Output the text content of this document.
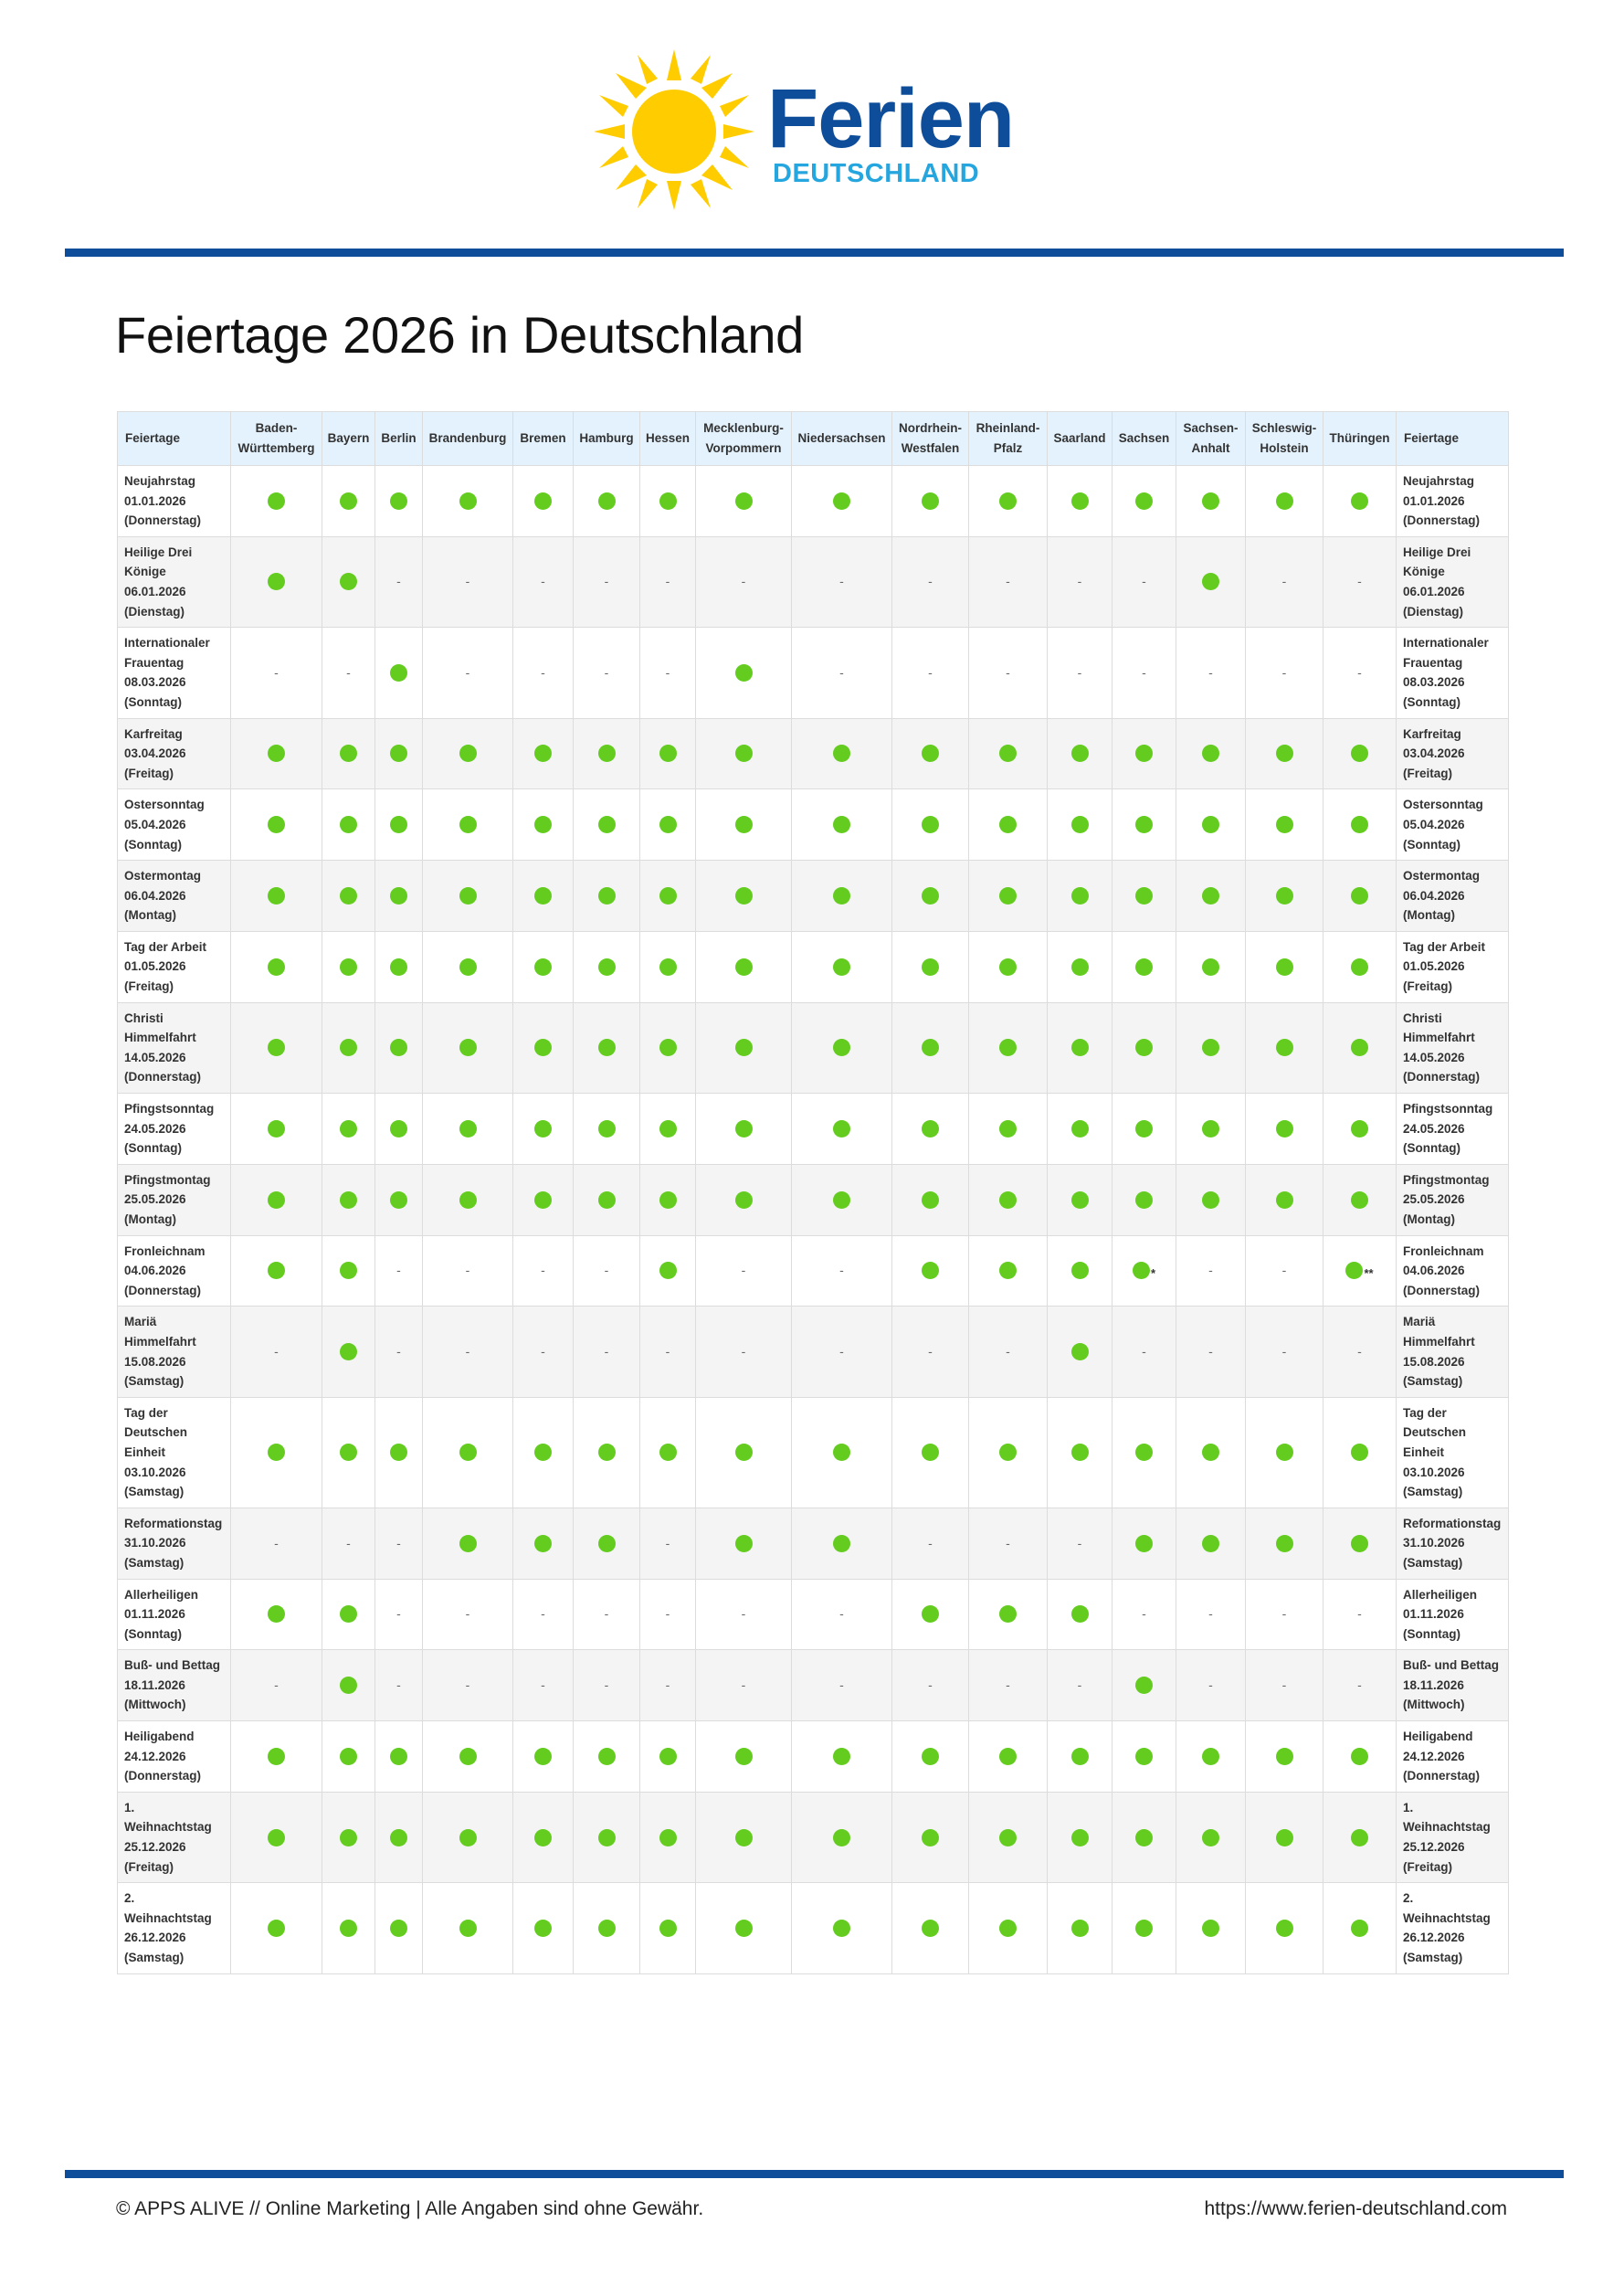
Ferien
DEUTSCHLAND
Feiertage 2026 in Deutschland
Feiertage	Baden-
Württemberg	Bayern	Berlin	Brandenburg	Bremen	Hamburg	Hessen	Mecklenburg-
Vorpommern	Niedersachsen	Nordrhein-
Westfalen	Rheinland-
Pfalz	Saarland	Sachsen	Sachsen-
Anhalt	Schleswig-
Holstein	Thüringen	Feiertage
Neujahrstag
01.01.2026
(Donnerstag)																	Neujahrstag
01.01.2026
(Donnerstag)
Heilige Drei
Könige
06.01.2026
(Dienstag)			-	-	-	-	-	-	-	-	-	-	-		-	-	Heilige Drei
Könige
06.01.2026
(Dienstag)
Internationaler
Frauentag
08.03.2026
(Sonntag)	-	-		-	-	-	-		-	-	-	-	-	-	-	-	Internationaler
Frauentag
08.03.2026
(Sonntag)
Karfreitag
03.04.2026
(Freitag)																	Karfreitag
03.04.2026
(Freitag)
Ostersonntag
05.04.2026
(Sonntag)																	Ostersonntag
05.04.2026
(Sonntag)
Ostermontag
06.04.2026
(Montag)																	Ostermontag
06.04.2026
(Montag)
Tag der Arbeit
01.05.2026
(Freitag)																	Tag der Arbeit
01.05.2026
(Freitag)
Christi
Himmelfahrt
14.05.2026
(Donnerstag)																	Christi
Himmelfahrt
14.05.2026
(Donnerstag)
Pfingstsonntag
24.05.2026
(Sonntag)																	Pfingstsonntag
24.05.2026
(Sonntag)
Pfingstmontag
25.05.2026
(Montag)																	Pfingstmontag
25.05.2026
(Montag)
Fronleichnam
04.06.2026
(Donnerstag)			-	-	-	-		-	-				*	-	-	**	Fronleichnam
04.06.2026
(Donnerstag)
Mariä
Himmelfahrt
15.08.2026
(Samstag)	-		-	-	-	-	-	-	-	-	-		-	-	-	-	Mariä
Himmelfahrt
15.08.2026
(Samstag)
Tag der
Deutschen
Einheit
03.10.2026
(Samstag)																	Tag der
Deutschen
Einheit
03.10.2026
(Samstag)
Reformationstag
31.10.2026
(Samstag)	-	-	-				-			-	-	-					Reformationstag
31.10.2026
(Samstag)
Allerheiligen
01.11.2026
(Sonntag)			-	-	-	-	-	-	-				-	-	-	-	Allerheiligen
01.11.2026
(Sonntag)
Buß- und Bettag
18.11.2026
(Mittwoch)	-		-	-	-	-	-	-	-	-	-	-		-	-	-	Buß- und Bettag
18.11.2026
(Mittwoch)
Heiligabend
24.12.2026
(Donnerstag)																	Heiligabend
24.12.2026
(Donnerstag)
1.
Weihnachtstag
25.12.2026
(Freitag)																	1.
Weihnachtstag
25.12.2026
(Freitag)
2.
Weihnachtstag
26.12.2026
(Samstag)																	2.
Weihnachtstag
26.12.2026
(Samstag)
© APPS ALIVE // Online Marketing | Alle Angaben sind ohne Gewähr.	https://www.ferien-deutschland.com
